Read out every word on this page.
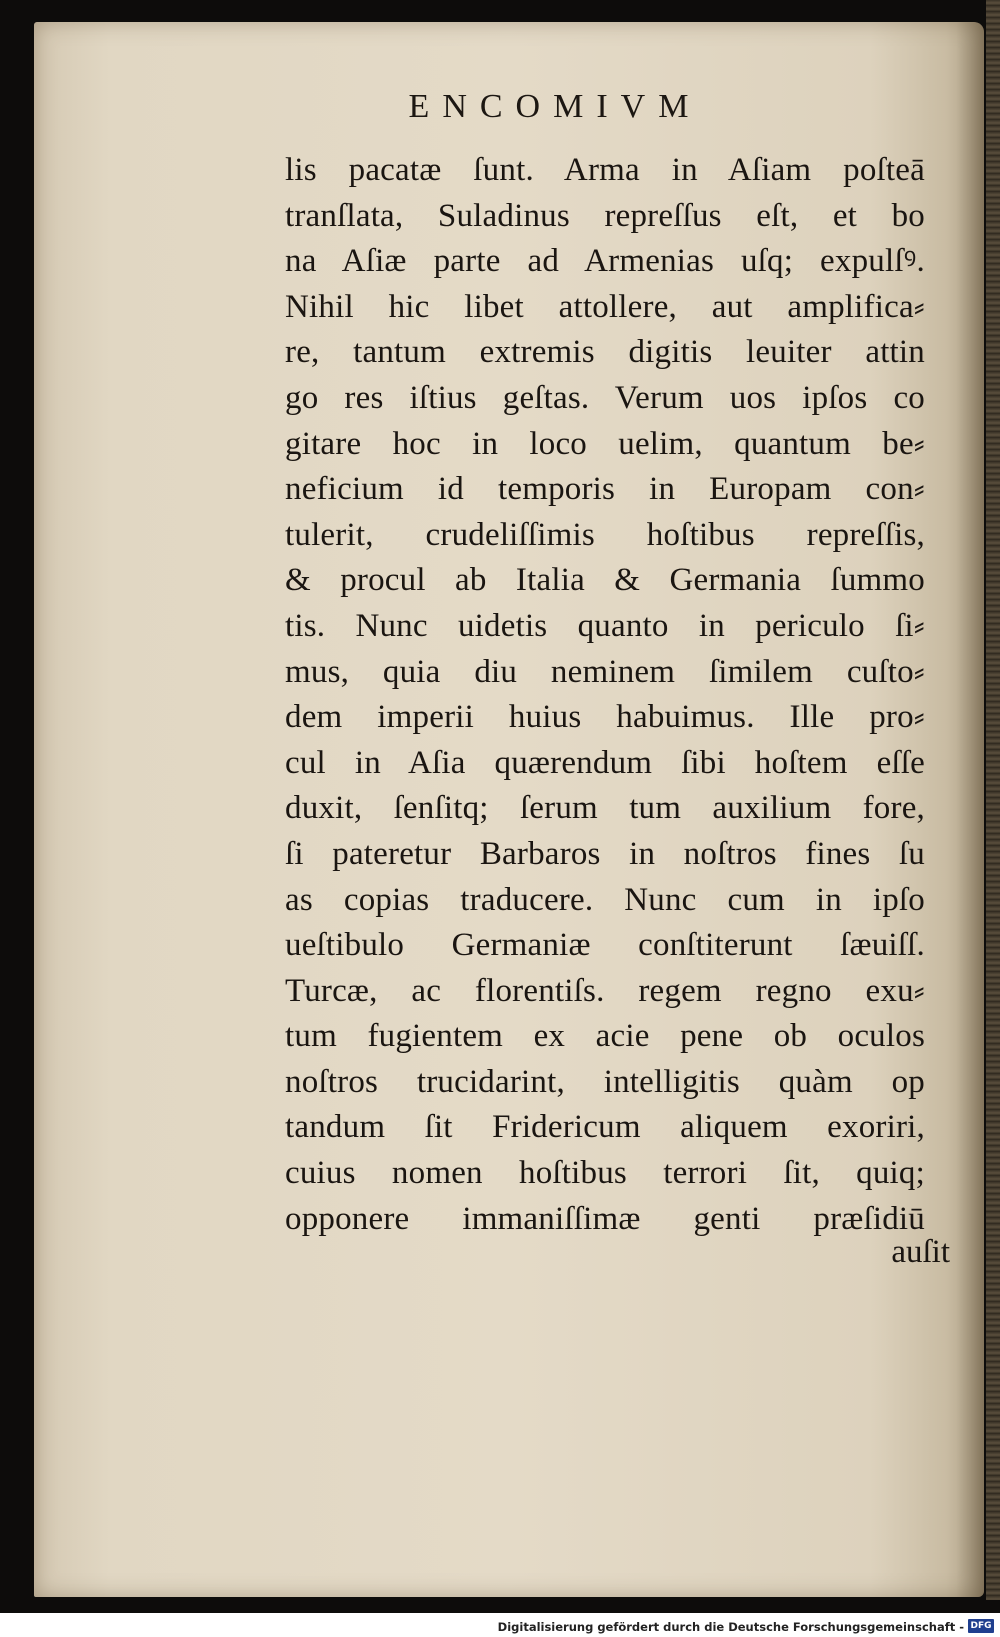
ENCOMIVM
lis pacatæ ſunt. Arma in Aſiam poſteā
tranſlata, Suladinus repreſſus eſt, et bo
na Aſiæ parte ad Armenias uſq; expulſꝰ.
Nihil hic libet attollere, aut amplifica⸗
re, tantum extremis digitis leuiter attin
go res iſtius geſtas. Verum uos ipſos co
gitare hoc in loco uelim, quantum be⸗
neficium id temporis in Europam con⸗
tulerit, crudeliſſimis hoſtibus repreſſis,
& procul ab Italia & Germania ſummo
tis. Nunc uidetis quanto in periculo ſi⸗
mus, quia diu neminem ſimilem cuſto⸗
dem imperii huius habuimus. Ille pro⸗
cul in Aſia quærendum ſibi hoſtem eſſe
duxit, ſenſitq; ſerum tum auxilium fore,
ſi pateretur Barbaros in noſtros fines ſu
as copias traducere. Nunc cum in ipſo
ueſtibulo Germaniæ conſtiterunt ſæuiſſ.
Turcæ, ac florentiſs. regem regno exu⸗
tum fugientem ex acie pene ob oculos
noſtros trucidarint, intelligitis quàm op
tandum ſit Fridericum aliquem exoriri,
cuius nomen hoſtibus terrori ſit, quiq;
opponere immaniſſimæ genti præſidiū
auſit
Digitalisierung gefördert durch die Deutsche Forschungsgemeinschaft - DFG
